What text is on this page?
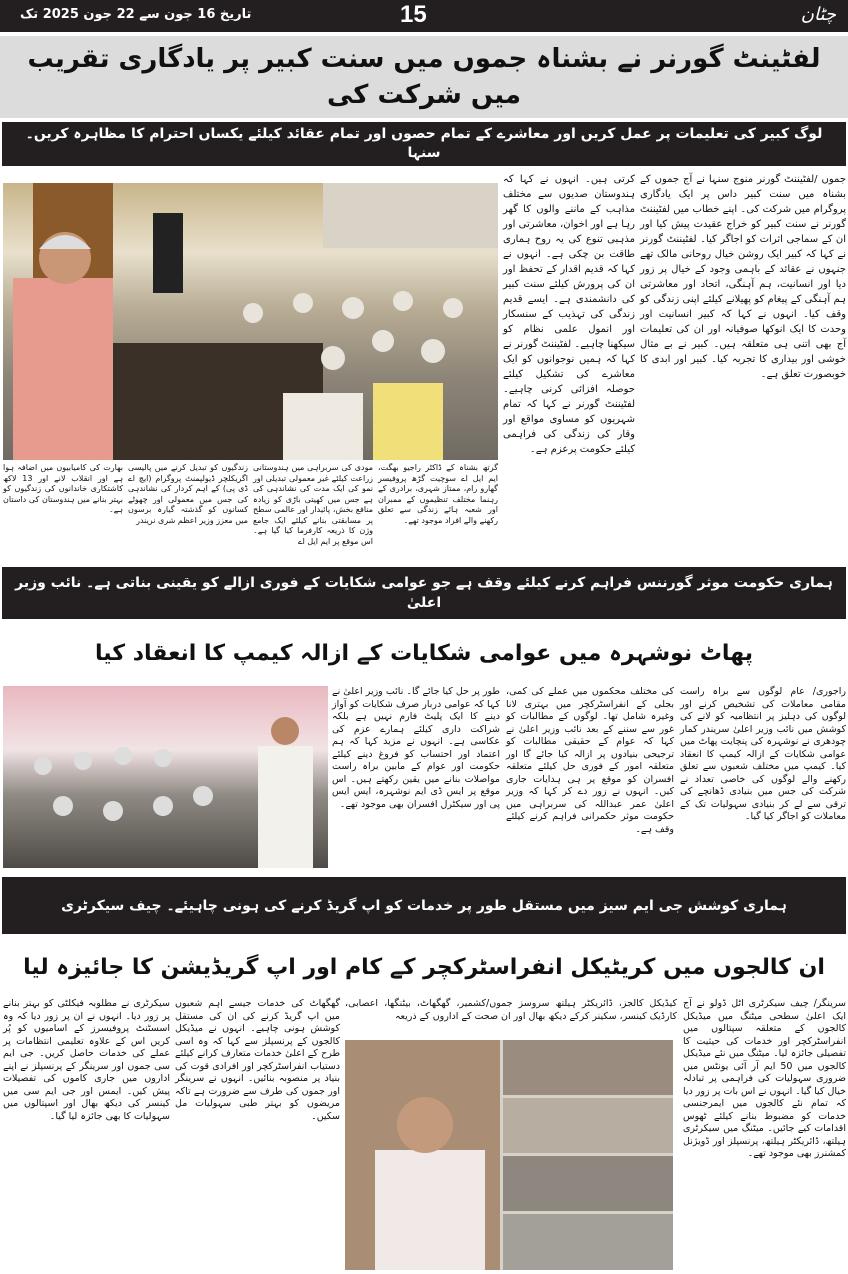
تاریخ 16 جون سے 22 جون 2025 تک	15	چٹان
لفٹینٹ گورنر نے بشناہ جموں میں سنت کبیر پر یادگاری تقریب میں شرکت کی
لوگ کبیر کی تعلیمات پر عمل کریں اور معاشرے کے تمام حصوں اور تمام عقائد کیلئے یکساں احترام کا مظاہرہ کریں۔ سنہا
جموں /لفٹیننٹ گورنر منوج سنہا نے آج جموں کے بشناہ میں سنت کبیر داس پر ایک یادگاری پروگرام میں شرکت کی۔ اپنے خطاب میں لفٹیننٹ گورنر نے سنت کبیر کو خراج عقیدت پیش کیا اور ان کے سماجی اثرات کو اجاگر کیا۔ لفٹیننٹ گورنر نے کہا کہ کبیر ایک روشن خیال روحانی مالک تھے جنہوں نے عقائد کے باہمی وجود کے خیال پر زور دیا اور انسانیت، ہم آہنگی، اتحاد اور معاشرتی ہم آہنگی کے پیغام کو پھیلانے کیلئے اپنی زندگی کو وقف کیا۔ انہوں نے کہا کہ کبیر انسانیت اور وحدت کا ایک انوکھا صوفیانہ اور ان کی تعلیمات آج بھی اتنی ہی متعلقہ ہیں۔ کبیر نے بے مثال خوشی اور بیداری کا تجربہ کیا۔ کبیر اور ابدی کا خوبصورت تعلق ہے۔
کرتی ہیں۔ انہوں نے کہا کہ ہندوستان صدیوں سے مختلف مذاہب کے ماننے والوں کا گھر رہا ہے اور اخوان، معاشرتی اور مذہبی تنوع کی یہ روح ہماری طاقت بن چکی ہے۔ انہوں نے کہا کہ قدیم اقدار کے تحفظ اور ان کی پرورش کیلئے سنت کبیر کی دانشمندی ہے۔ ایسے قدیم زندگی کی تہذیب کے سنسکار اور انمول علمی نظام کو سیکھنا چاہیے۔ لفٹیننٹ گورنر نے کہا کہ ہمیں نوجوانوں کو ایک معاشرے کی تشکیل کیلئے حوصلہ افزائی کرنی چاہیے۔ لفٹیننٹ گورنر نے کہا کہ تمام شہریوں کو مساوی مواقع اور وقار کی زندگی کی فراہمی کیلئے حکومت پرعزم ہے۔
گرتھ بشناہ کے ڈاکٹر راجیو بھگت، ایم ایل اے سوچیت گڑھ پروفیسر گھارو رام، ممتاز شہری، برادری کے رہنما مختلف تنظیموں کے ممبران اور شعبہ ہائے زندگی سے تعلق رکھنے والے افراد موجود تھے۔
مودی کی سربراہی میں ہندوستانی زراعت کیلئے غیر معمولی تبدیلی اور نمو کی ایک مدت کی نشاندہی کی ہے جس میں کھیتی باڑی کو زیادہ منافع بخش، پائیدار اور عالمی سطح پر مسابقتی بنانے کیلئے ایک جامع وژن کا ذریعہ کارفرما کیا گیا ہے۔ اس موقع پر ایم ایل اے
زندگیوں کو تبدیل کرنے میں پالیسی اگریکلچر ڈیولپمنٹ پروگرام (ایچ اے ڈی پی) کے اہم کردار کی نشاندہی کی جس میں معمولی اور چھوٹے کسانوں کو گذشتہ گیارہ برسوں میں معزز وزیر اعظم شری نریندر
بھارت کی کامیابیوں میں اضافہ ہوا ہے اور انقلاب لانے اور 13 لاکھ کاشتکاری خاندانوں کی زندگیوں کو بہتر بنانے میں ہندوستان کی داستان ہے۔
ہماری حکومت موثر گورننس فراہم کرنے کیلئے وقف ہے جو عوامی شکایات کے فوری ازالے کو یقینی بناتی ہے۔ نائب وزیر اعلیٰ
پھاٹ نوشہرہ میں عوامی شکایات کے ازالہ کیمپ کا انعقاد کیا
راجوری/ عام لوگوں سے براہ راست مقامی معاملات کی تشخیص کرنے اور لوگوں کی دہلیز پر انتظامیہ کو لانے کی کوشش میں نائب وزیر اعلیٰ سریندر کمار چودھری نے نوشہرہ کی پنچایت پھاٹ میں عوامی شکایات کے ازالہ کیمپ کا انعقاد کیا۔ کیمپ میں مختلف شعبوں سے تعلق رکھنے والے لوگوں کی خاصی تعداد نے شرکت کی جس میں بنیادی ڈھانچے کی ترقی سے لے کر بنیادی سہولیات تک کے معاملات کو اجاگر کیا گیا۔
کی مختلف محکموں میں عملے کی کمی، بجلی کے انفراسٹرکچر میں بہتری لانا وغیرہ شامل تھا۔ لوگوں کے مطالبات کو غور سے سننے کے بعد نائب وزیر اعلیٰ نے کہا کہ عوام کے حقیقی مطالبات کو ترجیحی بنیادوں پر ازالہ کیا جائے گا اور متعلقہ امور کے فوری حل کیلئے متعلقہ افسران کو موقع پر ہی ہدایات جاری کیں۔ انہوں نے زور دے کر کہا کہ وزیر اعلیٰ عمر عبداللہ کی سربراہی میں حکومت موثر حکمرانی فراہم کرنے کیلئے وقف ہے۔
طور پر حل کیا جائے گا۔ نائب وزیر اعلیٰ نے کہا کہ عوامی دربار صرف شکایات کو آواز دینے کا ایک پلیٹ فارم نہیں ہے بلکہ شراکت داری کیلئے ہمارے عزم کی عکاسی ہے۔ انہوں نے مزید کہا کہ ہم اعتماد اور احتساب کو فروغ دینے کیلئے حکومت اور عوام کے مابین براہ راست مواصلات بنانے میں یقین رکھتے ہیں۔ اس موقع پر ایس ڈی ایم نوشہرہ، ایس ایس پی اور سیکٹرل افسران بھی موجود تھے۔
ہماری کوشش جی ایم سیز میں مستقل طور پر خدمات کو اپ گریڈ کرنے کی ہونی چاہیئے۔ چیف سیکرٹری
ان کالجوں میں کریٹیکل انفراسٹرکچر کے کام اور اپ گریڈیشن کا جائیزہ لیا
سرینگر/ چیف سیکرٹری اٹل ڈولو نے آج ایک اعلیٰ سطحی میٹنگ میں میڈیکل کالجوں کے متعلقہ سپتالوں میں انفراسٹرکچر اور خدمات کی حیثیت کا تفصیلی جائزہ لیا۔ میٹنگ میں نئے میڈیکل کالجوں میں 50 ایم آر آئی یونٹس میں ضروری سہولیات کی فراہمی پر تبادلہ خیال کیا گیا۔ انہوں نے اس بات پر زور دیا کہ تمام نئے کالجوں میں ایمرجنسی خدمات کو مضبوط بنانے کیلئے ٹھوس اقدامات کیے جائیں۔ میٹنگ میں سیکرٹری ہیلتھ، ڈائریکٹر ہیلتھ، پرنسپلز اور ڈویژنل کمشنرز بھی موجود تھے۔
کیڈیکل کالجز، ڈائریکٹر ہیلتھ سروسز جموں/کشمیر، گھگھاٹ، بیٹنگھا، اعصابی، کارڈیک کینسر، سکینر کرکے دیکھ بھال اور ان صحت کے اداروں کے ذریعہ
گھگھاٹ کی خدمات جیسے اہم شعبوں میں اپ گریڈ کرنے کی ان کی مستقل کوشش ہونی چاہیے۔ انہوں نے میڈیکل کالجوں کے پرنسپلز سے کہا کہ وہ اسی طرح کے اعلیٰ خدمات متعارف کرانے کیلئے دستیاب انفراسٹرکچر اور افرادی قوت کی بنیاد پر منصوبہ بنائیں۔ انہوں نے سرینگر اور جموں کی طرف سے ضرورت ہے تاکہ مریضوں کو بہتر طبی سہولیات مل سکیں۔
سیکرٹری نے مطلوبہ فیکلٹی کو بہتر بنانے پر زور دیا۔ انہوں نے ان پر زور دیا کہ وہ اسسٹنٹ پروفیسرز کے اسامیوں کو پُر کریں اس کے علاوہ تعلیمی انتظامات پر عملے کی خدمات حاصل کریں۔ جی ایم سی جموں اور سرینگر کے پرنسپلز نے اپنے اداروں میں جاری کاموں کی تفصیلات پیش کیں۔ ایمس اور جی ایم سی میں کینسر کی دیکھ بھال اور اسپتالوں میں سہولیات کا بھی جائزہ لیا گیا۔
